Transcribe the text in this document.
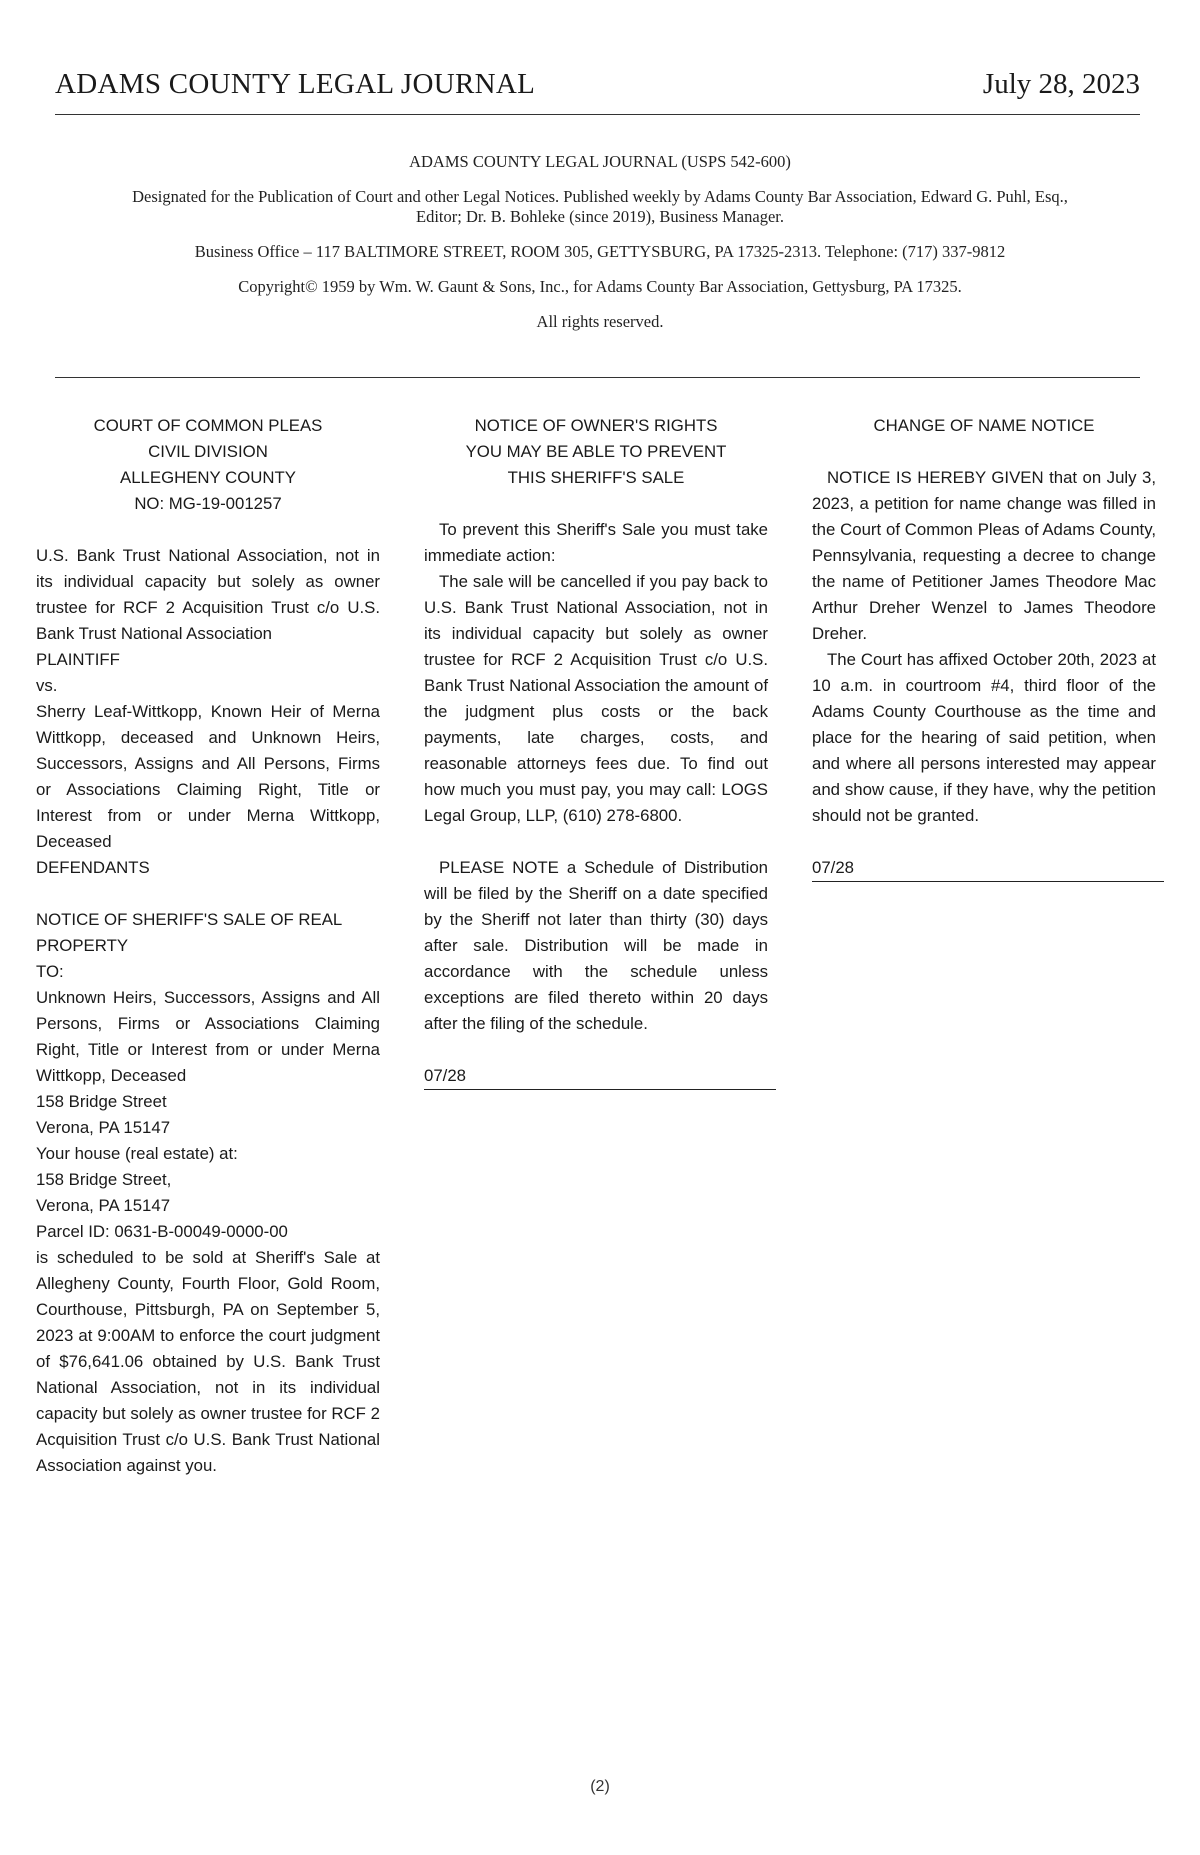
ADAMS COUNTY LEGAL JOURNAL	July 28, 2023

ADAMS COUNTY LEGAL JOURNAL (USPS 542-600)

Designated for the Publication of Court and other Legal Notices. Published weekly by Adams County Bar Association, Edward G. Puhl, Esq., Editor; Dr. B. Bohleke (since 2019), Business Manager.

Business Office – 117 BALTIMORE STREET, ROOM 305, GETTYSBURG, PA 17325-2313. Telephone: (717) 337-9812

Copyright© 1959 by Wm. W. Gaunt & Sons, Inc., for Adams County Bar Association, Gettysburg, PA 17325.

All rights reserved.

COURT OF COMMON PLEAS
CIVIL DIVISION
ALLEGHENY COUNTY
NO: MG-19-001257
U.S. Bank Trust National Association, not in its individual capacity but solely as owner trustee for RCF 2 Acquisition Trust c/o U.S. Bank Trust National Association
PLAINTIFF
vs.
Sherry Leaf-Wittkopp, Known Heir of Merna Wittkopp, deceased and Unknown Heirs, Successors, Assigns and All Persons, Firms or Associations Claiming Right, Title or Interest from or under Merna Wittkopp, Deceased
DEFENDANTS
NOTICE OF SHERIFF'S SALE OF REAL PROPERTY
TO:
Unknown Heirs, Successors, Assigns and All Persons, Firms or Associations Claiming Right, Title or Interest from or under Merna Wittkopp, Deceased
158 Bridge Street
Verona, PA 15147
Your house (real estate) at:
158 Bridge Street,
Verona, PA 15147
Parcel ID: 0631-B-00049-0000-00
is scheduled to be sold at Sheriff's Sale at Allegheny County, Fourth Floor, Gold Room, Courthouse, Pittsburgh, PA on September 5, 2023 at 9:00AM to enforce the court judgment of $76,641.06 obtained by U.S. Bank Trust National Association, not in its individual capacity but solely as owner trustee for RCF 2 Acquisition Trust c/o U.S. Bank Trust National Association against you.
NOTICE OF OWNER'S RIGHTS
YOU MAY BE ABLE TO PREVENT
THIS SHERIFF'S SALE
To prevent this Sheriff's Sale you must take immediate action:
The sale will be cancelled if you pay back to U.S. Bank Trust National Association, not in its individual capacity but solely as owner trustee for RCF 2 Acquisition Trust c/o U.S. Bank Trust National Association the amount of the judgment plus costs or the back payments, late charges, costs, and reasonable attorneys fees due. To find out how much you must pay, you may call: LOGS Legal Group, LLP, (610) 278-6800.
PLEASE NOTE a Schedule of Distribution will be filed by the Sheriff on a date specified by the Sheriff not later than thirty (30) days after sale. Distribution will be made in accordance with the schedule unless exceptions are filed thereto within 20 days after the filing of the schedule.
07/28
CHANGE OF NAME NOTICE
NOTICE IS HEREBY GIVEN that on July 3, 2023, a petition for name change was filled in the Court of Common Pleas of Adams County, Pennsylvania, requesting a decree to change the name of Petitioner James Theodore Mac Arthur Dreher Wenzel to James Theodore Dreher.
The Court has affixed October 20th, 2023 at 10 a.m. in courtroom #4, third floor of the Adams County Courthouse as the time and place for the hearing of said petition, when and where all persons interested may appear and show cause, if they have, why the petition should not be granted.
07/28
(2)
